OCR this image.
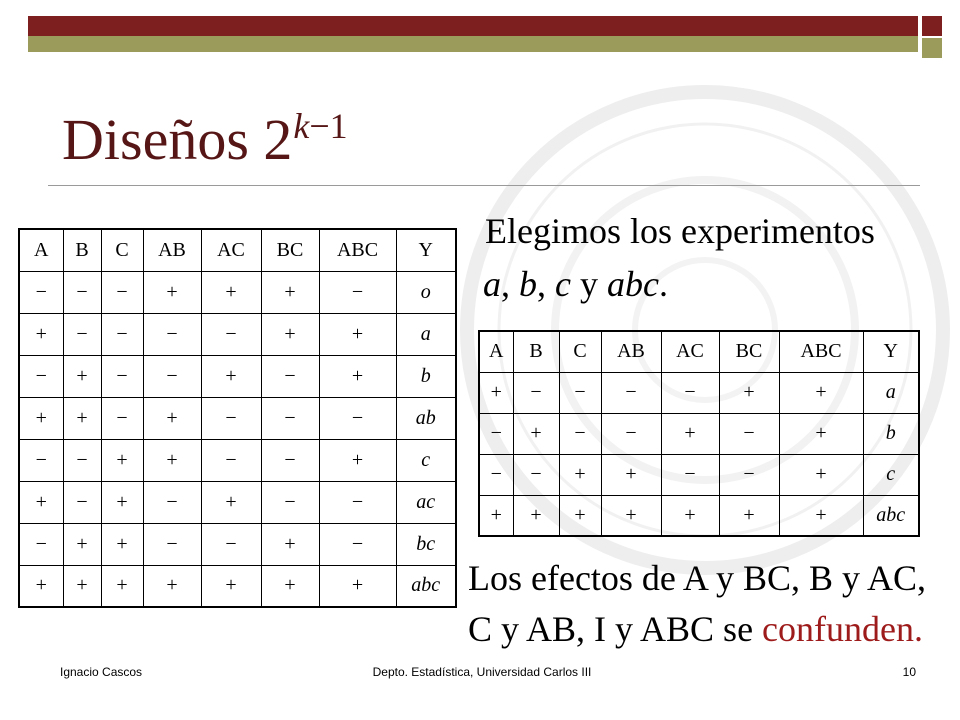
Diseños $2^{k-1}$
Elegimos los experimentos
a, b, c y abc.
A	B	C	AB	AC	BC	ABC	Y
−	−	−	+	+	+	−	o
+	−	−	−	−	+	+	a
−	+	−	−	+	−	+	b
+	+	−	+	−	−	−	ab
−	−	+	+	−	−	+	c
+	−	+	−	+	−	−	ac
−	+	+	−	−	+	−	bc
+	+	+	+	+	+	+	abc
A	B	C	AB	AC	BC	ABC	Y
+	−	−	−	−	+	+	a
−	+	−	−	+	−	+	b
−	−	+	+	−	−	+	c
+	+	+	+	+	+	+	abc
Los efectos de A y BC, B y AC,
C y AB, I y ABC se confunden.
Ignacio Cascos	Depto. Estadística, Universidad Carlos III	10
